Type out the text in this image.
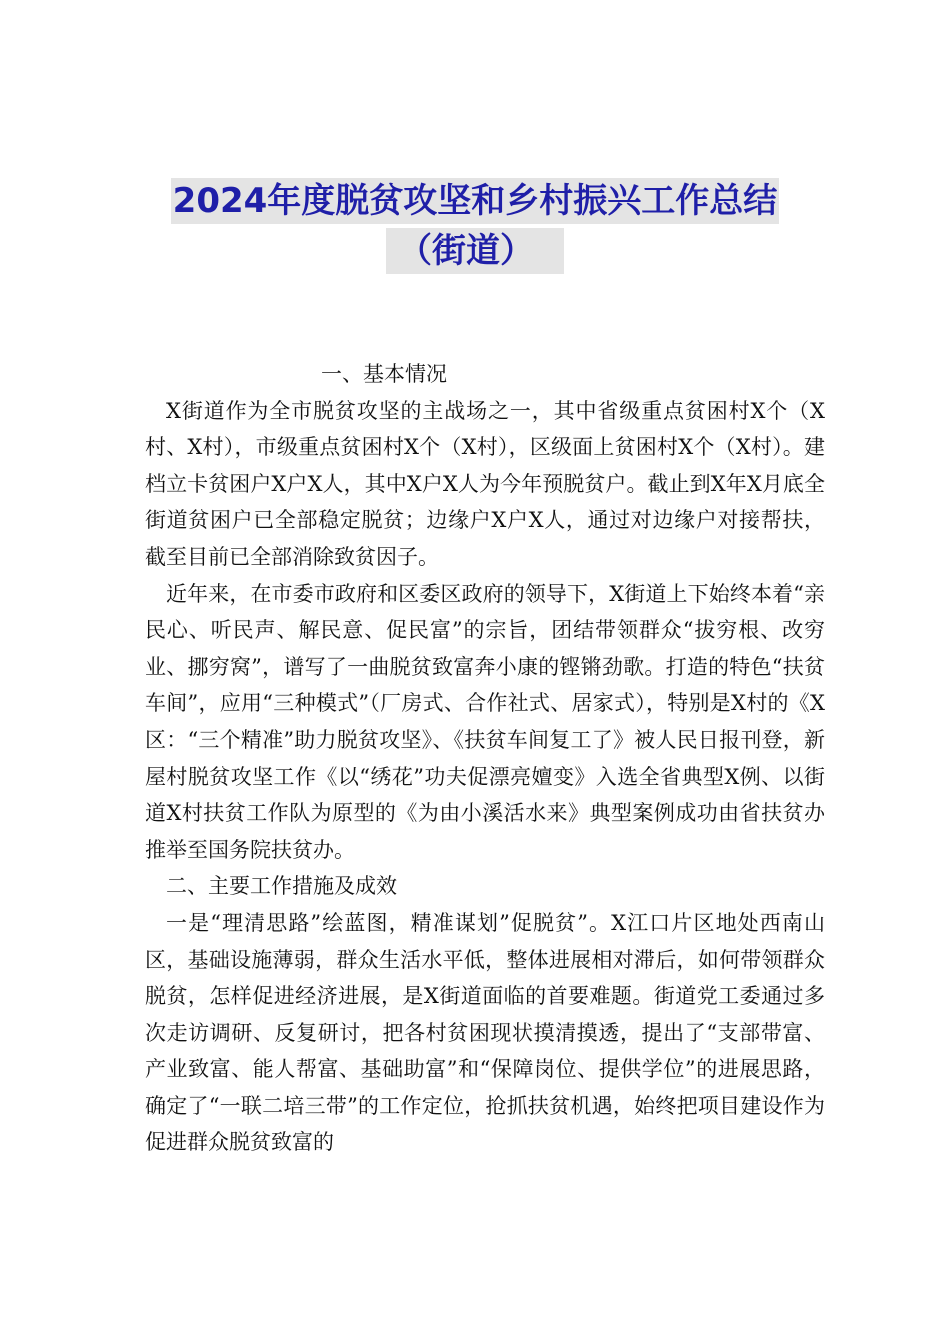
2024年度脱贫攻坚和乡村振兴工作总结
（街道）
一、基本情况

X街道作为全市脱贫攻坚的主战场之一，其中省级重点贫困村X个（X村、X村），市级重点贫困村X个（X村），区级面上贫困村X个（X村）。建档立卡贫困户X户X人，其中X户X人为今年预脱贫户。截止到X年X月底全街道贫困户已全部稳定脱贫；边缘户X户X人，通过对边缘户对接帮扶，截至目前已全部消除致贫因子。

近年来，在市委市政府和区委区政府的领导下，X街道上下始终本着“亲民心、听民声、解民意、促民富”的宗旨，团结带领群众“拔穷根、改穷业、挪穷窝”，谱写了一曲脱贫致富奔小康的铿锵劲歌。打造的特色“扶贫车间”，应用“三种模式”（厂房式、合作社式、居家式），特别是X村的《X区：“三个精准”助力脱贫攻坚》、《扶贫车间复工了》被人民日报刊登，新屋村脱贫攻坚工作《以“绣花”功夫促漂亮嬗变》入选全省典型X例、以街道X村扶贫工作队为原型的《为由小溪活水来》典型案例成功由省扶贫办推举至国务院扶贫办。

二、主要工作措施及成效

一是“理清思路”绘蓝图，精准谋划”促脱贫”。X江口片区地处西南山区，基础设施薄弱，群众生活水平低，整体进展相对滞后，如何带领群众脱贫，怎样促进经济进展，是X街道面临的首要难题。街道党工委通过多次走访调研、反复研讨，把各村贫困现状摸清摸透，提出了“支部带富、产业致富、能人帮富、基础助富”和“保障岗位、提供学位”的进展思路，确定了“一联二培三带”的工作定位，抢抓扶贫机遇，始终把项目建设作为促进群众脱贫致富的
